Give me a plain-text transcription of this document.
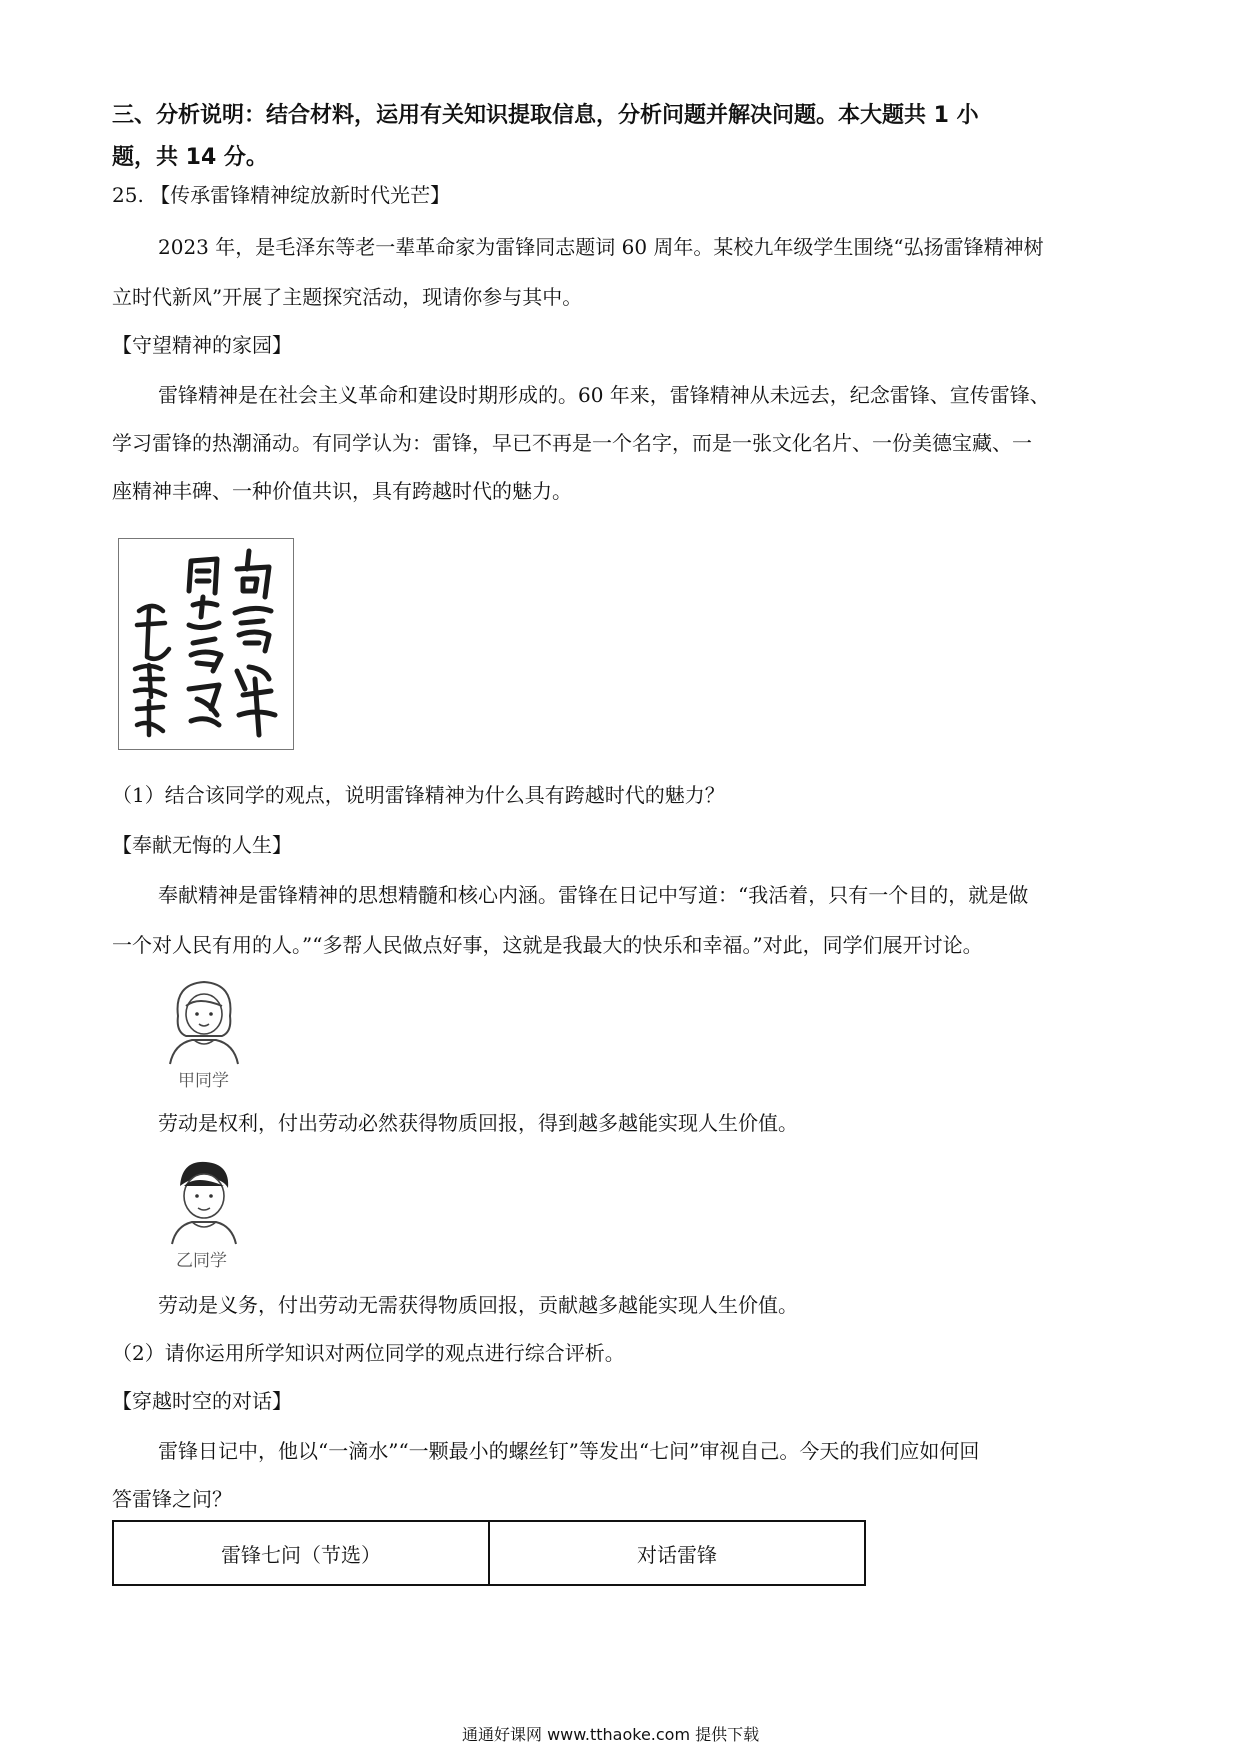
三、分析说明：结合材料，运用有关知识提取信息，分析问题并解决问题。本大题共 1 小
题，共 14 分。
25. 【传承雷锋精神绽放新时代光芒】
2023 年，是毛泽东等老一辈革命家为雷锋同志题词 60 周年。某校九年级学生围绕“弘扬雷锋精神树
立时代新风”开展了主题探究活动，现请你参与其中。
【守望精神的家园】
雷锋精神是在社会主义革命和建设时期形成的。60 年来，雷锋精神从未远去，纪念雷锋、宣传雷锋、
学习雷锋的热潮涌动。有同学认为：雷锋，早已不再是一个名字，而是一张文化名片、一份美德宝藏、一
座精神丰碑、一种价值共识，具有跨越时代的魅力。
（1）结合该同学的观点，说明雷锋精神为什么具有跨越时代的魅力？
【奉献无悔的人生】
奉献精神是雷锋精神的思想精髓和核心内涵。雷锋在日记中写道：“我活着，只有一个目的，就是做
一个对人民有用的人。”“多帮人民做点好事，这就是我最大的快乐和幸福。”对此，同学们展开讨论。
甲同学
劳动是权利，付出劳动必然获得物质回报，得到越多越能实现人生价值。
乙同学
劳动是义务，付出劳动无需获得物质回报，贡献越多越能实现人生价值。
（2）请你运用所学知识对两位同学的观点进行综合评析。
【穿越时空的对话】
雷锋日记中，他以“一滴水”“一颗最小的螺丝钉”等发出“七问”审视自己。今天的我们应如何回
答雷锋之问？
雷锋七问（节选）	对话雷锋
通通好课网 www.tthaoke.com 提供下载
